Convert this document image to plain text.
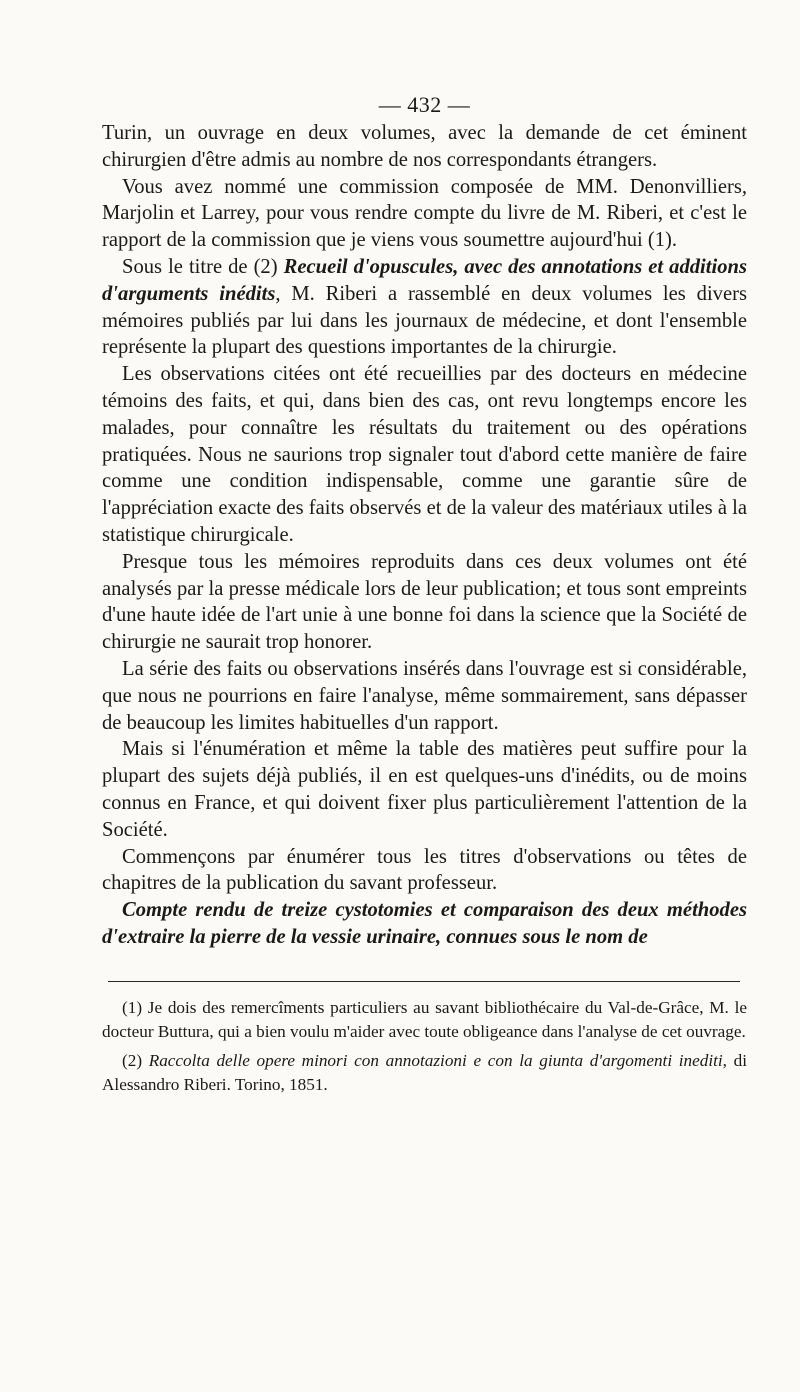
— 432 —

Turin, un ouvrage en deux volumes, avec la demande de cet éminent chirurgien d'être admis au nombre de nos correspondants étrangers.

Vous avez nommé une commission composée de MM. Denonvilliers, Marjolin et Larrey, pour vous rendre compte du livre de M. Riberi, et c'est le rapport de la commission que je viens vous soumettre aujourd'hui (1).

Sous le titre de (2) Recueil d'opuscules, avec des annotations et additions d'arguments inédits, M. Riberi a rassemblé en deux volumes les divers mémoires publiés par lui dans les journaux de médecine, et dont l'ensemble représente la plupart des questions importantes de la chirurgie.

Les observations citées ont été recueillies par des docteurs en médecine témoins des faits, et qui, dans bien des cas, ont revu longtemps encore les malades, pour connaître les résultats du traitement ou des opérations pratiquées. Nous ne saurions trop signaler tout d'abord cette manière de faire comme une condition indispensable, comme une garantie sûre de l'appréciation exacte des faits observés et de la valeur des matériaux utiles à la statistique chirurgicale.

Presque tous les mémoires reproduits dans ces deux volumes ont été analysés par la presse médicale lors de leur publication; et tous sont empreints d'une haute idée de l'art unie à une bonne foi dans la science que la Société de chirurgie ne saurait trop honorer.

La série des faits ou observations insérés dans l'ouvrage est si considérable, que nous ne pourrions en faire l'analyse, même sommairement, sans dépasser de beaucoup les limites habituelles d'un rapport.

Mais si l'énumération et même la table des matières peut suffire pour la plupart des sujets déjà publiés, il en est quelques-uns d'inédits, ou de moins connus en France, et qui doivent fixer plus particulièrement l'attention de la Société.

Commençons par énumérer tous les titres d'observations ou têtes de chapitres de la publication du savant professeur.

Compte rendu de treize cystotomies et comparaison des deux méthodes d'extraire la pierre de la vessie urinaire, connues sous le nom de

(1) Je dois des remercîments particuliers au savant bibliothécaire du Val-de-Grâce, M. le docteur Buttura, qui a bien voulu m'aider avec toute obligeance dans l'analyse de cet ouvrage.

(2) Raccolta delle opere minori con annotazioni e con la giunta d'argomenti inediti, di Alessandro Riberi. Torino, 1851.
